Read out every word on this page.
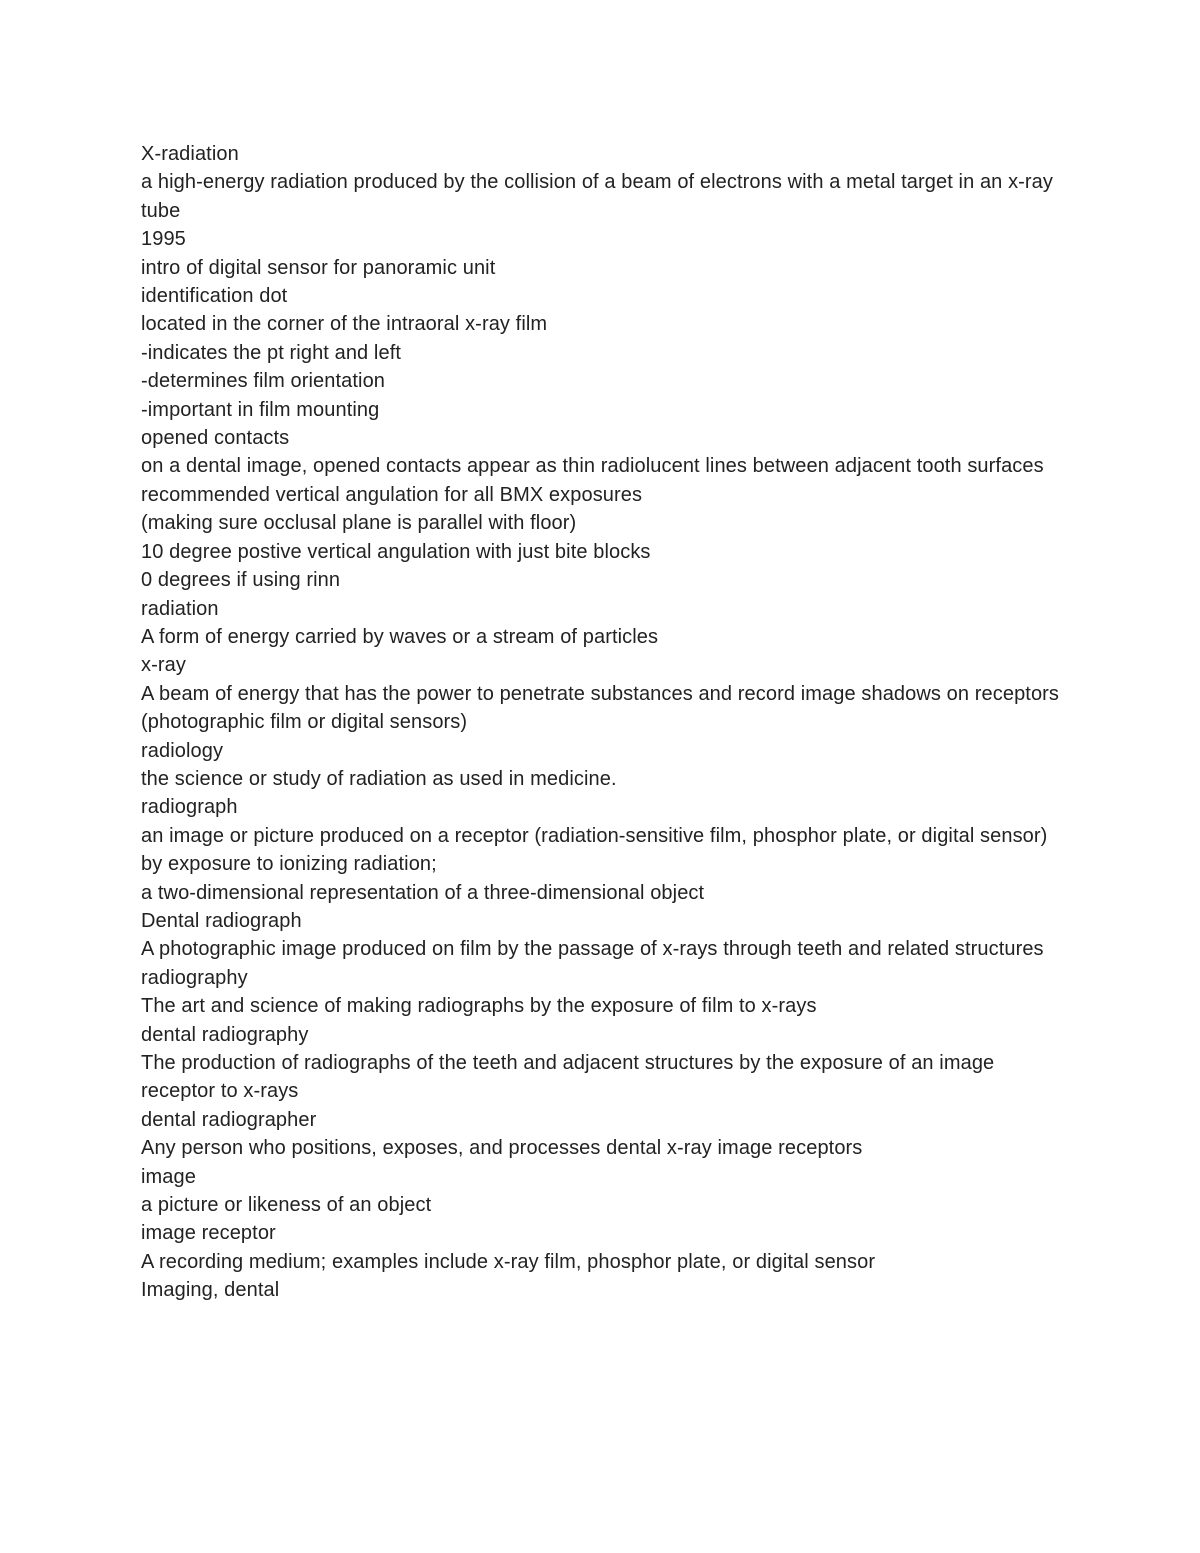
X-radiation
a high-energy radiation produced by the collision of a beam of electrons with a metal target in an x-ray tube
1995
intro of digital sensor for panoramic unit
identification dot
located in the corner of the intraoral x-ray film
-indicates the pt right and left
-determines film orientation
-important in film mounting
opened contacts
on a dental image, opened contacts appear as thin radiolucent lines between adjacent tooth surfaces
recommended vertical angulation for all BMX exposures
(making sure occlusal plane is parallel with floor)
10 degree postive vertical angulation with just bite blocks
0 degrees if using rinn
radiation
A form of energy carried by waves or a stream of particles
x-ray
A beam of energy that has the power to penetrate substances and record image shadows on receptors (photographic film or digital sensors)
radiology
the science or study of radiation as used in medicine.
radiograph
an image or picture produced on a receptor (radiation-sensitive film, phosphor plate, or digital sensor) by exposure to ionizing radiation;
a two-dimensional representation of a three-dimensional object
Dental radiograph
A photographic image produced on film by the passage of x-rays through teeth and related structures
radiography
The art and science of making radiographs by the exposure of film to x-rays
dental radiography
The production of radiographs of the teeth and adjacent structures by the exposure of an image receptor to x-rays
dental radiographer
Any person who positions, exposes, and processes dental x-ray image receptors
image
a picture or likeness of an object
image receptor
A recording medium; examples include x-ray film, phosphor plate, or digital sensor
Imaging, dental
